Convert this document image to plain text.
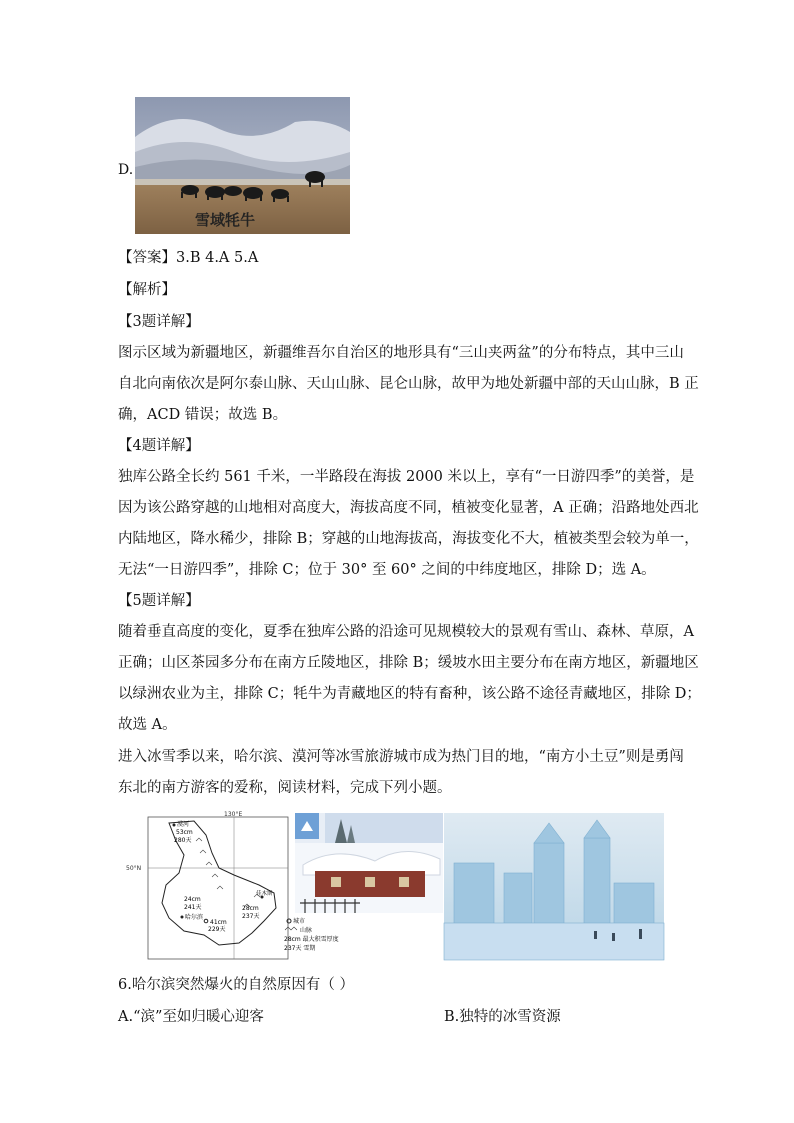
D.
雪域牦牛
【答案】3.B 4.A 5.A
【解析】
【3题详解】
图示区域为新疆地区，新疆维吾尔自治区的地形具有“三山夹两盆”的分布特点，其中三山
自北向南依次是阿尔泰山脉、天山山脉、昆仑山脉，故甲为地处新疆中部的天山山脉，B 正
确，ACD 错误；故选 B。
【4题详解】
独库公路全长约 561 千米，一半路段在海拔 2000 米以上，享有“一日游四季”的美誉，是
因为该公路穿越的山地相对高度大，海拔高度不同，植被变化显著，A 正确；沿路地处西北
内陆地区，降水稀少，排除 B；穿越的山地海拔高，海拔变化不大，植被类型会较为单一，
无法“一日游四季”，排除 C；位于 30° 至 60° 之间的中纬度地区，排除 D；选 A。
【5题详解】
随着垂直高度的变化，夏季在独库公路的沿途可见规模较大的景观有雪山、森林、草原，A
正确；山区茶园多分布在南方丘陵地区，排除 B；缓坡水田主要分布在南方地区，新疆地区
以绿洲农业为主，排除 C；牦牛为青藏地区的特有畜种，该公路不途径青藏地区，排除 D；
故选 A。
进入冰雪季以来，哈尔滨、漠河等冰雪旅游城市成为热门目的地，“南方小土豆”则是勇闯
东北的南方游客的爱称，阅读材料，完成下列小题。
130°E
50°N
漠河
53cm
280天
24cm
241天
哈尔滨
41cm
229天
佳木斯
28cm
237天
城市
山脉
28cm 最大积雪厚度
237天 雪期
6.哈尔滨突然爆火的自然原因有（ ）
A.“滨”至如归暖心迎客	B.独特的冰雪资源
